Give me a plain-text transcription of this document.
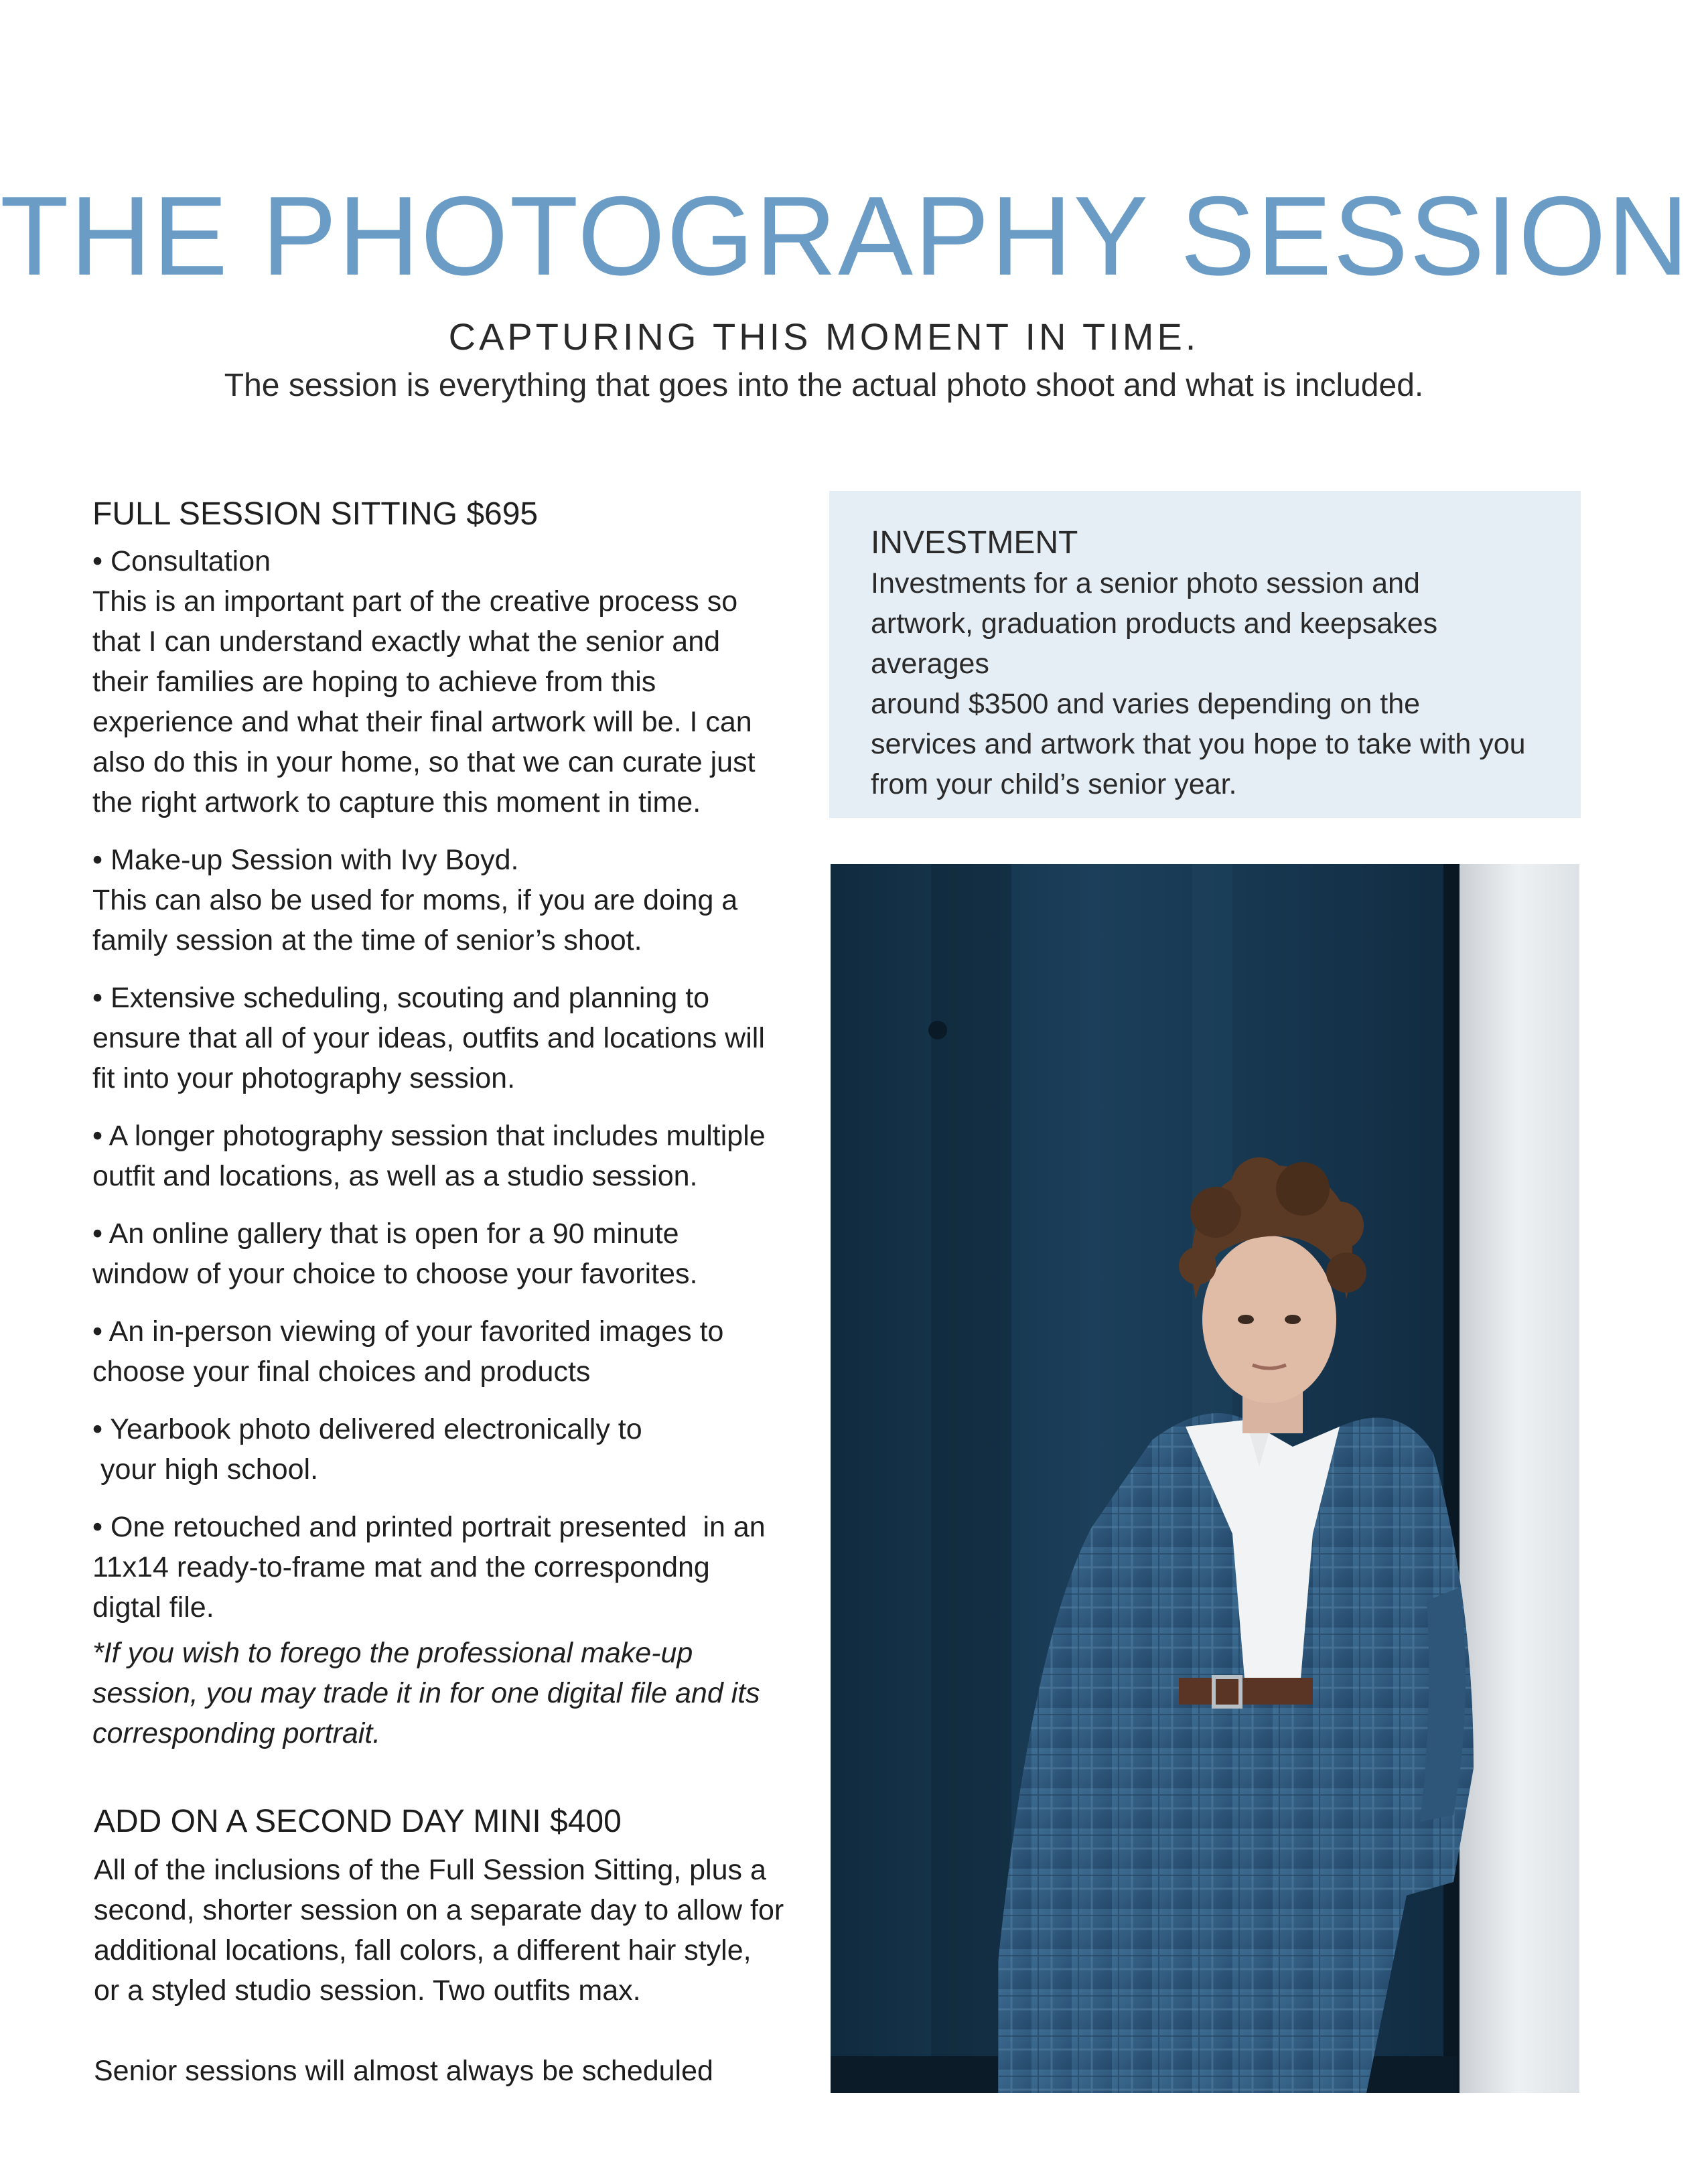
THE PHOTOGRAPHY SESSION
CAPTURING THIS MOMENT IN TIME.
The session is everything that goes into the actual photo shoot and what is included.
FULL SESSION SITTING $695

• Consultation

This is an important part of the creative process so

that I can understand exactly what the senior and

their families are hoping to achieve from this

experience and what their final artwork will be. I can

also do this in your home, so that we can curate just

the right artwork to capture this moment in time.

• Make-up Session with Ivy Boyd.

This can also be used for moms, if you are doing a

family session at the time of senior’s shoot.

• Extensive scheduling, scouting and planning to

ensure that all of your ideas, outfits and locations will

fit into your photography session.

• A longer photography session that includes multiple

outfit and locations, as well as a studio session.

• An online gallery that is open for a 90 minute

window of your choice to choose your favorites.

• An in-person viewing of your favorited images to

choose your final choices and products

• Yearbook photo delivered electronically to

your high school.

• One retouched and printed portrait presented  in an

11x14 ready-to-frame mat and the correspondng

digtal file.

*If you wish to forego the professional make-up

session, you may trade it in for one digital file and its

corresponding portrait.

ADD ON A SECOND DAY MINI $400

All of the inclusions of the Full Session Sitting, plus a

second, shorter session on a separate day to allow for

additional locations, fall colors, a different hair style,

or a styled studio session. Two outfits max.

Senior sessions will almost always be scheduled

INVESTMENT

Investments for a senior photo session and

artwork, graduation products and keepsakes averages

around $3500 and varies depending on the

services and artwork that you hope to take with you

from your child’s senior year.
